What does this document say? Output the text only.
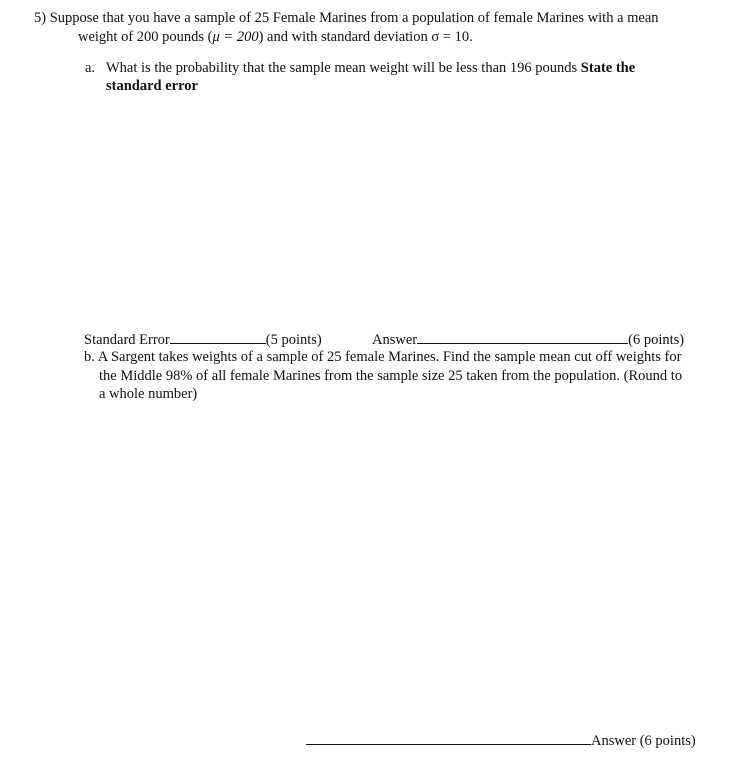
5) Suppose that you have a sample of 25 Female Marines from a population of female Marines with a mean
weight of 200 pounds (μ = 200) and with standard deviation σ = 10.
a. What is the probability that the sample mean weight will be less than 196 pounds State the
standard error
Standard Error	(5 points)	Answer	(6 points)
b. A Sargent takes weights of a sample of 25 female Marines. Find the sample mean cut off weights for
the Middle 98% of all female Marines from the sample size 25 taken from the population. (Round to
a whole number)
Answer (6 points)
